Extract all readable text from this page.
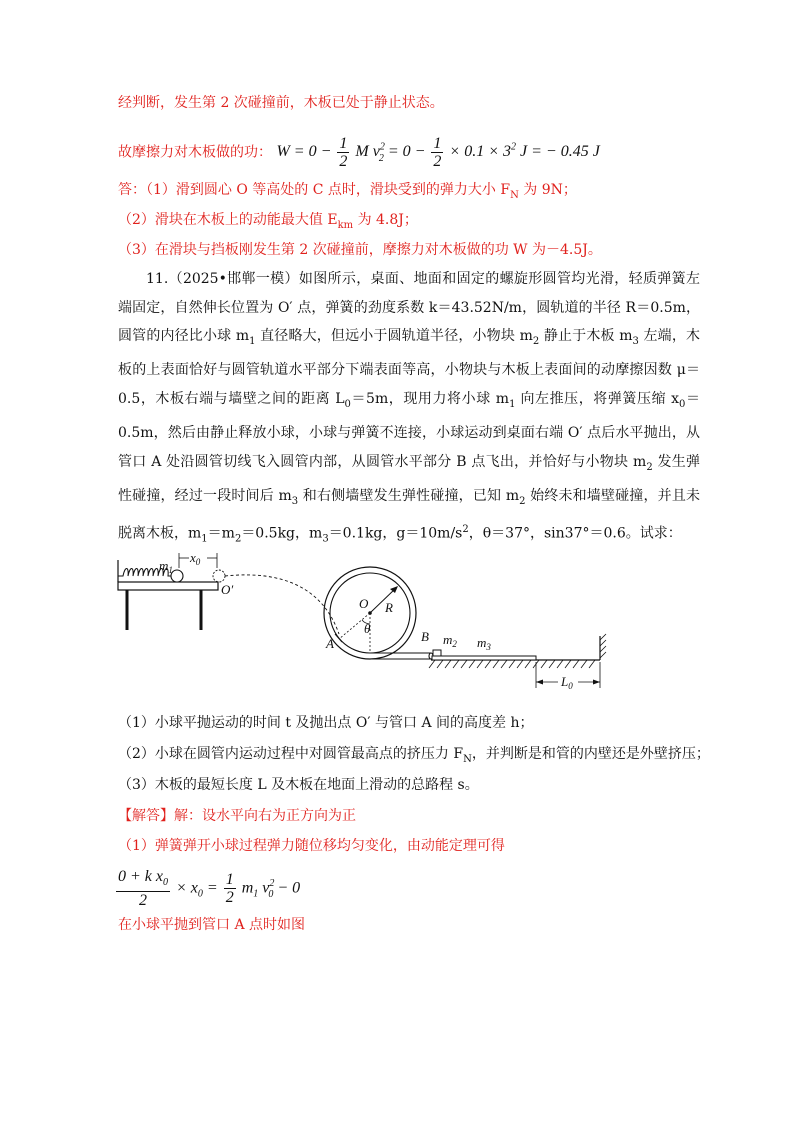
经判断，发生第 2 次碰撞前，木板已处于静止状态。
故摩擦力对木板做的功： $W = 0 - \frac{1}{2}$ M $v^2_2 = 0 - \frac{1}{2} \times 0.1 \times 3^2$ J = − 0.45 J
答：（1）滑到圆心 O 等高处的 C 点时，滑块受到的弹力大小 $F_N$ 为 9N；
（2）滑块在木板上的动能最大值 $E_{km}$ 为 4.8J；
（3）在滑块与挡板刚发生第 2 次碰撞前，摩擦力对木板做的功 W 为－4.5J。
11.（2025•邯郸一模）如图所示，桌面、地面和固定的螺旋形圆管均光滑，轻质弹簧左端固定，自然伸长位置为 O′ 点，弹簧的劲度系数 k＝43.52N/m，圆轨道的半径 R＝0.5m，圆管的内径比小球 $m_1$ 直径略大，但远小于圆轨道半径，小物块 $m_2$ 静止于木板 $m_3$ 左端，木板的上表面恰好与圆管轨道水平部分下端表面等高，小物块与木板上表面间的动摩擦因数 μ＝0.5，木板右端与墙壁之间的距离 $L_0=5m$，现用力将小球 $m_1$ 向左推压，将弹簧压缩 $x_0=0.5m$，然后由静止释放小球，小球与弹簧不连接，小球运动到桌面右端 O′ 点后水平抛出，从管口 A 处沿圆管切线飞入圆管内部，从圆管水平部分 B 点飞出，并恰好与小物块 $m_2$ 发生弹性碰撞，经过一段时间后 $m_3$ 和右侧墙壁发生弹性碰撞，已知 $m_2$ 始终未和墙壁碰撞，并且未脱离木板，$m_1=m_2=0.5kg$，$m_3=0.1kg$，$g=10m/s^2$，θ＝37°，sin37°＝0.6。试求：
$m_1$
$x_0$
O′
O R
θ
A	B $m_2$ $m_3$
$L_0$
（1）小球平抛运动的时间 t 及抛出点 O′ 与管口 A 间的高度差 h；
（2）小球在圆管内运动过程中对圆管最高点的挤压力 $F_N$，并判断是和管的内壁还是外壁挤压；
（3）木板的最短长度 L 及木板在地面上滑动的总路程 s。
【解答】解：设水平向右为正方向为正
（1）弹簧弹开小球过程弹力随位移均匀变化，由动能定理可得
$\frac{0 + k x_0}{2} \times x_0 = \frac{1}{2} m_1$ $v^2_0 - 0$
在小球平抛到管口 A 点时如图
